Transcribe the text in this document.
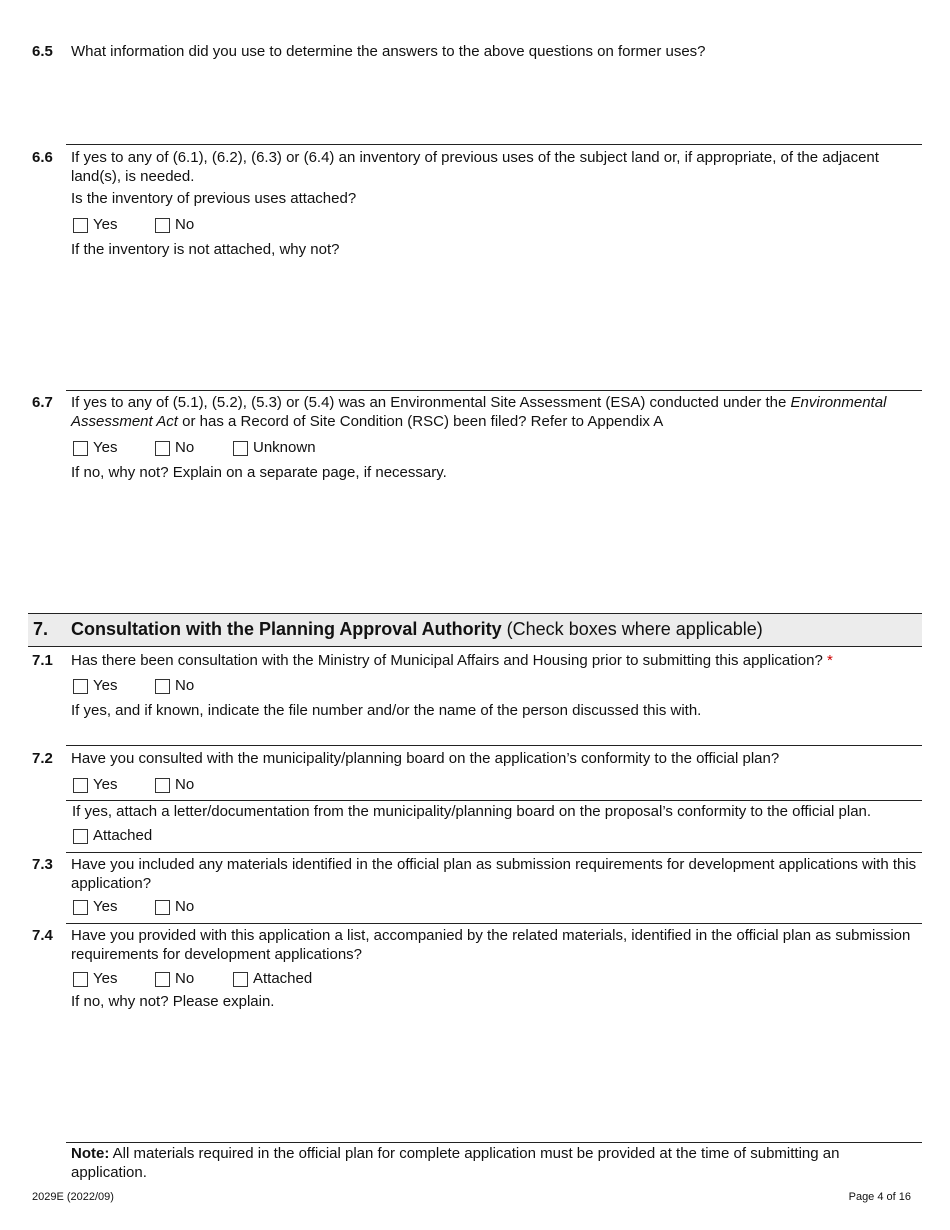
6.5 What information did you use to determine the answers to the above questions on former uses?
6.6 If yes to any of (6.1), (6.2), (6.3) or (6.4) an inventory of previous uses of the subject land or, if appropriate, of the adjacent land(s), is needed.
Is the inventory of previous uses attached?
Yes	No
If the inventory is not attached, why not?
6.7 If yes to any of (5.1), (5.2), (5.3) or (5.4) was an Environmental Site Assessment (ESA) conducted under the Environmental Assessment Act or has a Record of Site Condition (RSC) been filed? Refer to Appendix A
Yes	No	Unknown
If no, why not? Explain on a separate page, if necessary.
7. Consultation with the Planning Approval Authority (Check boxes where applicable)
7.1 Has there been consultation with the Ministry of Municipal Affairs and Housing prior to submitting this application? *
Yes	No
If yes, and if known, indicate the file number and/or the name of the person discussed this with.
7.2 Have you consulted with the municipality/planning board on the application’s conformity to the official plan?
Yes	No
If yes, attach a letter/documentation from the municipality/planning board on the proposal’s conformity to the official plan.
Attached
7.3 Have you included any materials identified in the official plan as submission requirements for development applications with this application?
Yes	No
7.4 Have you provided with this application a list, accompanied by the related materials, identified in the official plan as submission requirements for development applications?
Yes	No	Attached
If no, why not? Please explain.
Note: All materials required in the official plan for complete application must be provided at the time of submitting an application.
2029E (2022/09)	Page 4 of 16
